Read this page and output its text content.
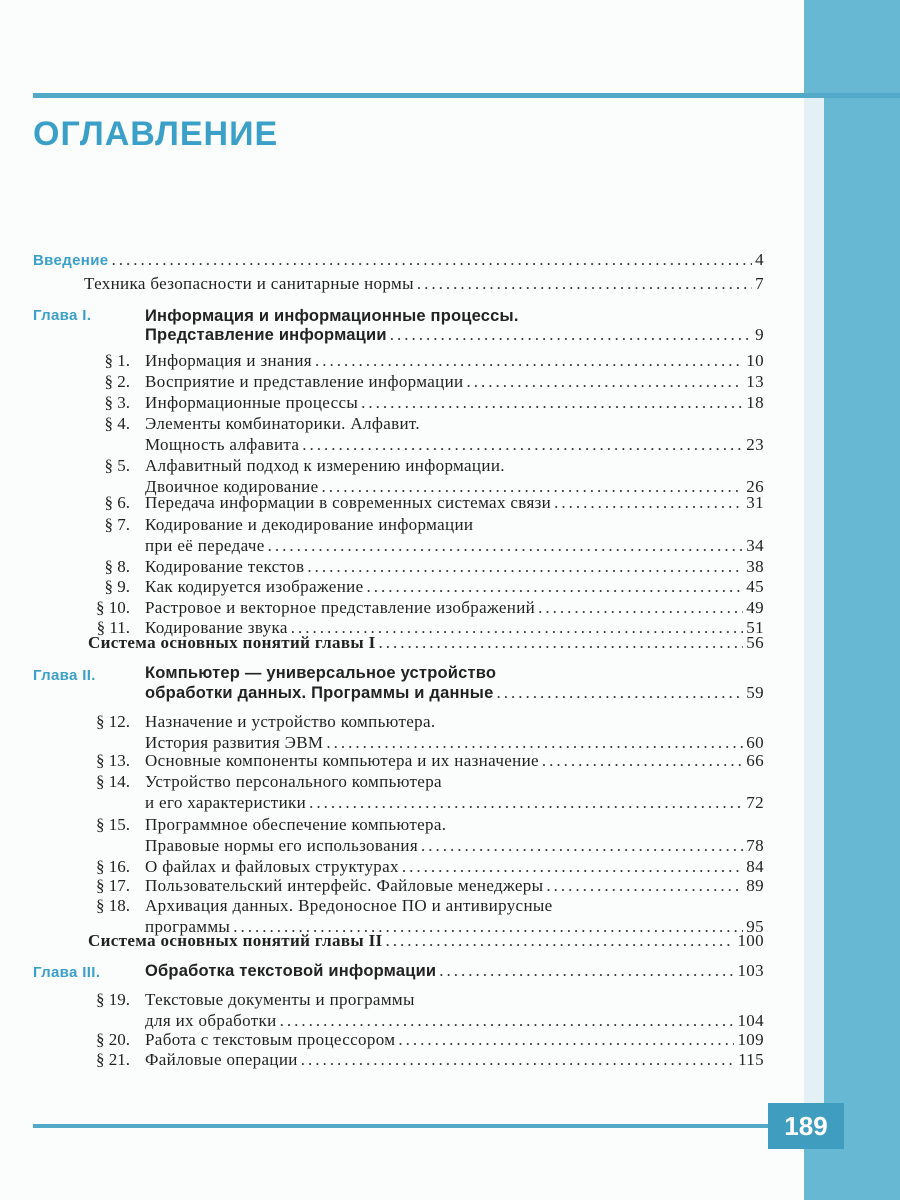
ОГЛАВЛЕНИЕ
Введение .....	4
Техника безопасности и санитарные нормы .....	7
Глава I.	Информация и информационные процессы.
Представление информации .....	9
§ 1. Информация и знания .....	10
§ 2. Восприятие и представление информации .....	13
§ 3. Информационные процессы .....	18
§ 4. Элементы комбинаторики. Алфавит.
Мощность алфавита .....	23
§ 5. Алфавитный подход к измерению информации.
Двоичное кодирование .....	26
§ 6. Передача информации в современных системах связи .....	31
§ 7. Кодирование и декодирование информации
при её передаче .....	34
§ 8. Кодирование текстов .....	38
§ 9. Как кодируется изображение .....	45
§ 10. Растровое и векторное представление изображений .....	49
§ 11. Кодирование звука .....	51
Система основных понятий главы I .....	56
Глава II.	Компьютер — универсальное устройство
обработки данных. Программы и данные .....	59
§ 12. Назначение и устройство компьютера.
История развития ЭВМ .....	60
§ 13. Основные компоненты компьютера и их назначение .....	66
§ 14. Устройство персонального компьютера
и его характеристики .....	72
§ 15. Программное обеспечение компьютера.
Правовые нормы его использования .....	78
§ 16. О файлах и файловых структурах .....	84
§ 17. Пользовательский интерфейс. Файловые менеджеры .....	89
§ 18. Архивация данных. Вредоносное ПО и антивирусные
программы .....	95
Система основных понятий главы II .....	100
Глава III.	Обработка текстовой информации .....	103
§ 19. Текстовые документы и программы
для их обработки .....	104
§ 20. Работа с текстовым процессором .....	109
§ 21. Файловые операции .....	115
189
